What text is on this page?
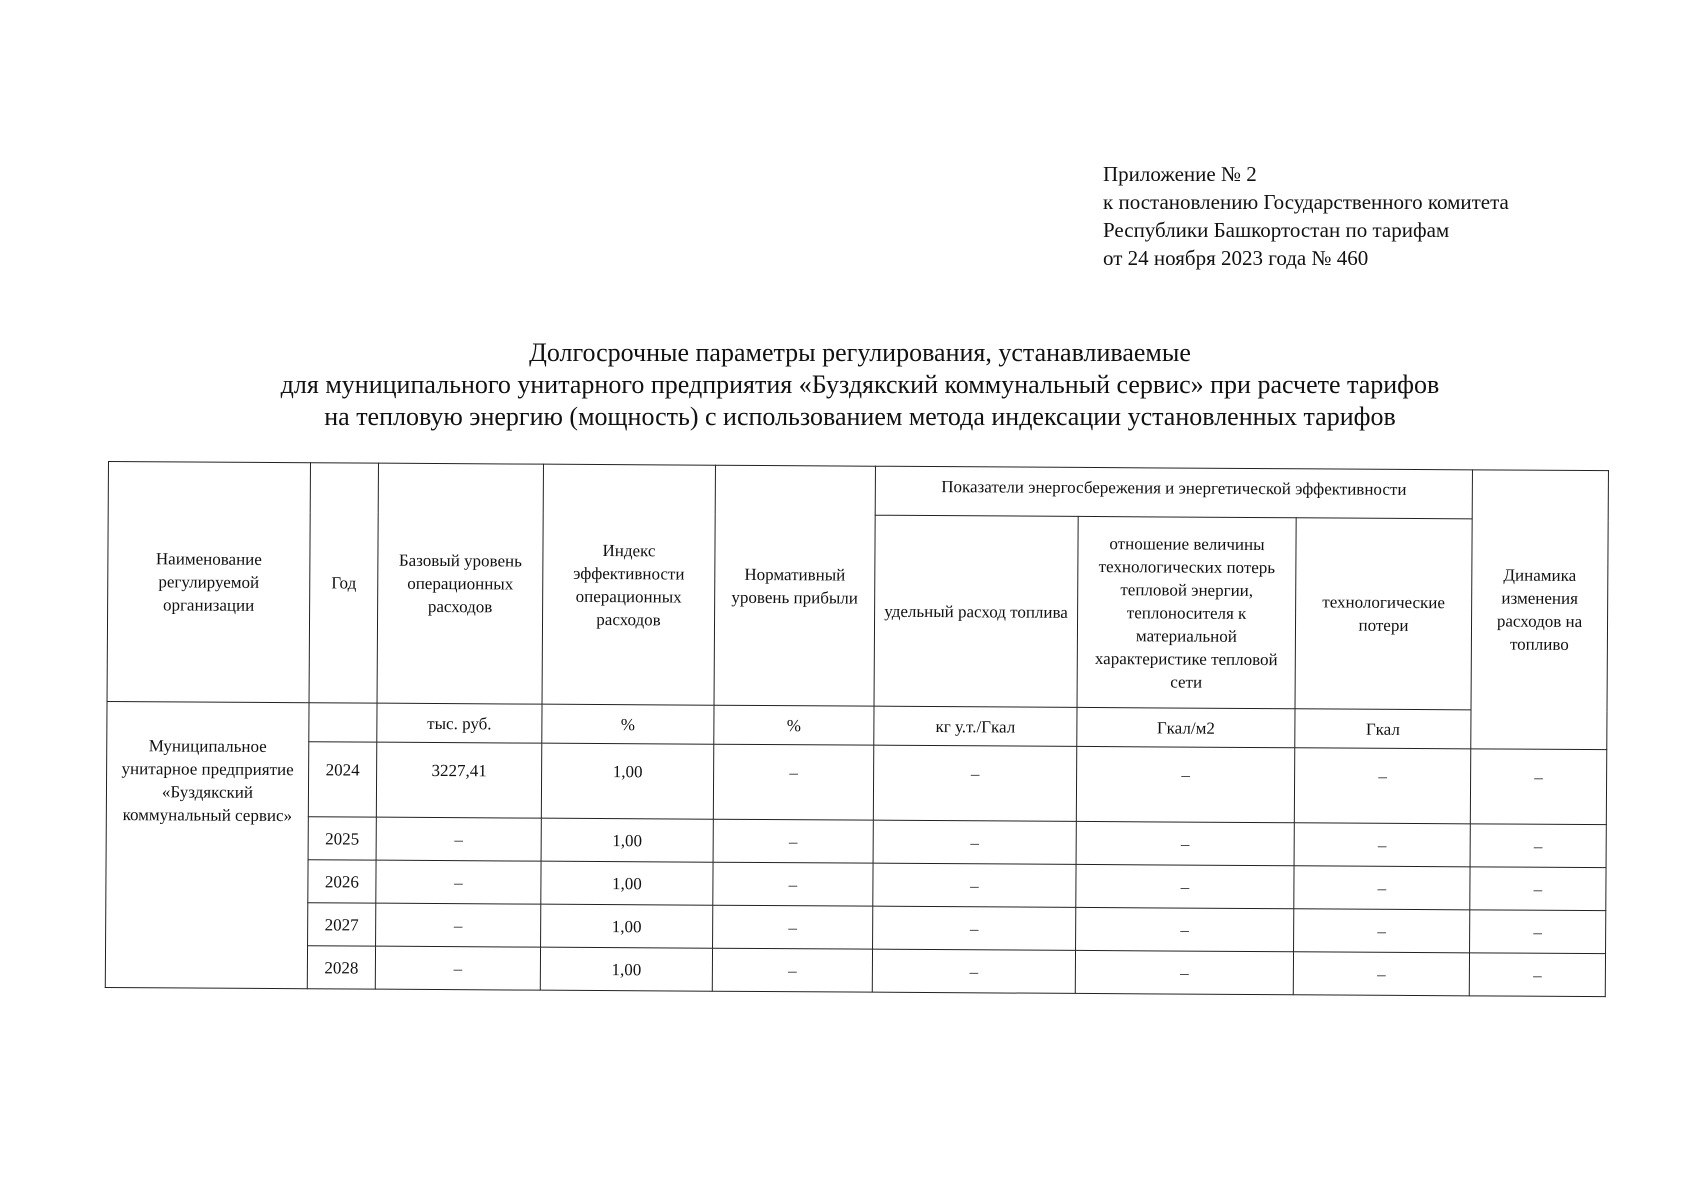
Приложение № 2
к постановлению Государственного комитета
Республики Башкортостан по тарифам
от 24 ноября 2023 года № 460
Долгосрочные параметры регулирования, устанавливаемые
для муниципального унитарного предприятия «Буздякский коммунальный сервис» при расчете тарифов
на тепловую энергию (мощность) с использованием метода индексации установленных тарифов
Наименование регулируемой организации	Год	Базовый уровень операционных расходов	Индекс эффективности операционных расходов	Нормативный уровень прибыли	Показатели энергосбережения и энергетической эффективности			Динамика изменения расходов на топливо
					удельный расход топлива	отношение величины технологических потерь тепловой энергии, теплоносителя к материальной характеристике тепловой сети	технологические потери	
Муниципальное унитарное предприятие «Буздякский коммунальный сервис»		тыс. руб.	%	%	кг у.т./Гкал	Гкал/м2	Гкал	
	2024	3227,41	1,00	–	–	–	–	–
	2025	–	1,00	–	–	–	–	–
	2026	–	1,00	–	–	–	–	–
	2027	–	1,00	–	–	–	–	–
	2028	–	1,00	–	–	–	–	–
